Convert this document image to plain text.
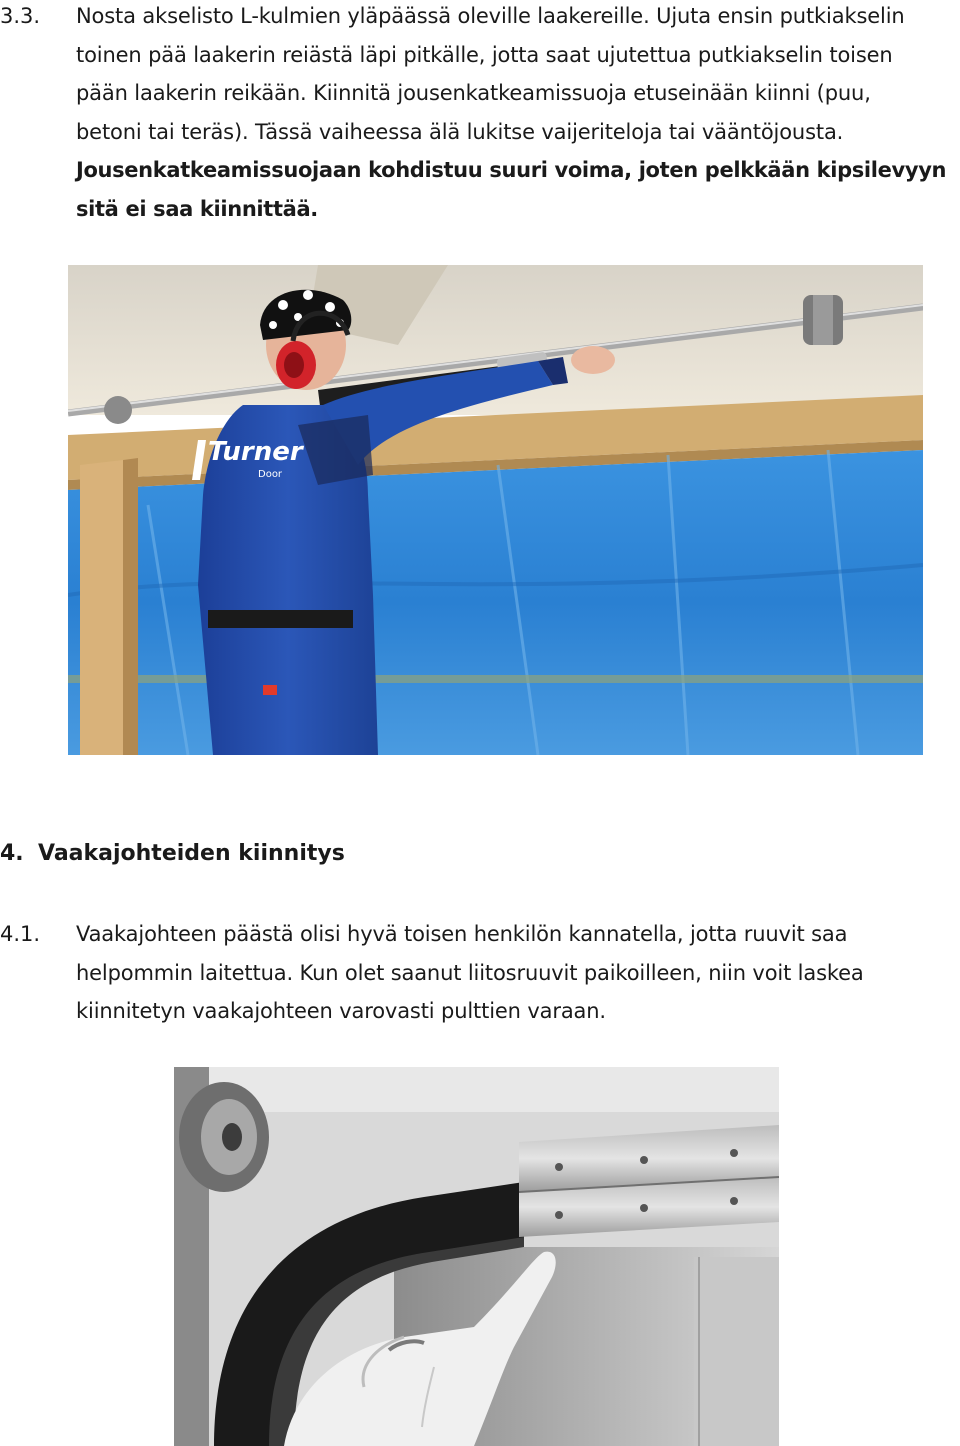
3.3. Nosta akselisto L-kulmien yläpäässä oleville laakereille. Ujuta ensin putkiakselin
toinen pää laakerin reiästä läpi pitkälle, jotta saat ujutettua putkiakselin toisen
pään laakerin reikään. Kiinnitä jousenkatkeamissuoja etuseinään kiinni (puu,
betoni tai teräs). Tässä vaiheessa älä lukitse vaijeriteloja tai vääntöjousta.
Jousenkatkeamissuojaan kohdistuu suuri voima, joten pelkkään kipsilevyyn
sitä ei saa kiinnittää.
Turner
Door
4. Vaakajohteiden kiinnitys
4.1. Vaakajohteen päästä olisi hyvä toisen henkilön kannatella, jotta ruuvit saa
helpommin laitettua. Kun olet saanut liitosruuvit paikoilleen, niin voit laskea
kiinnitetyn vaakajohteen varovasti pulttien varaan.
